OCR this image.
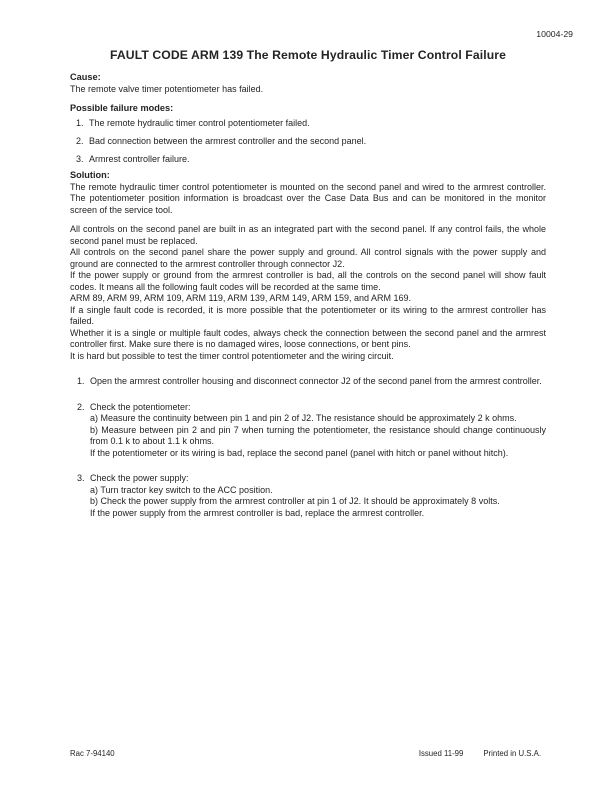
10004-29
FAULT CODE ARM 139 The Remote Hydraulic Timer Control Failure
Cause:

The remote valve timer potentiometer has failed.

Possible failure modes:
1. The remote hydraulic timer control potentiometer failed.
2. Bad connection between the armrest controller and the second panel.
3. Armrest controller failure.
Solution:

The remote hydraulic timer control potentiometer is mounted on the second panel and wired to the armrest controller. The potentiometer position information is broadcast over the Case Data Bus and can be monitored in the monitor screen of the service tool.

All controls on the second panel are built in as an integrated part with the second panel. If any control fails, the whole second panel must be replaced.

All controls on the second panel share the power supply and ground. All control signals with the power supply and ground are connected to the armrest controller through connector J2.

If the power supply or ground from the armrest controller is bad, all the controls on the second panel will show fault codes. It means all the following fault codes will be recorded at the same time.

ARM 89, ARM 99, ARM 109, ARM 119, ARM 139, ARM 149, ARM 159, and ARM 169.

If a single fault code is recorded, it is more possible that the potentiometer or its wiring to the armrest controller has failed.

Whether it is a single or multiple fault codes, always check the connection between the second panel and the armrest controller first. Make sure there is no damaged wires, loose connections, or bent pins.

It is hard but possible to test the timer control potentiometer and the wiring circuit.

1. Open the armrest controller housing and disconnect connector J2 of the second panel from the armrest controller.

2. Check the potentiometer:

a) Measure the continuity between pin 1 and pin 2 of J2. The resistance should be approximately 2 k ohms.

b) Measure between pin 2 and pin 7 when turning the potentiometer, the resistance should change continuously from 0.1 k to about 1.1 k ohms.

If the potentiometer or its wiring is bad, replace the second panel (panel with hitch or panel without hitch).

3. Check the power supply:

a) Turn tractor key switch to the ACC position.

b) Check the power supply from the armrest controller at pin 1 of J2. It should be approximately 8 volts.

If the power supply from the armrest controller is bad, replace the armrest controller.

Rac 7-94140	Issued 11-99	Printed in U.S.A.
